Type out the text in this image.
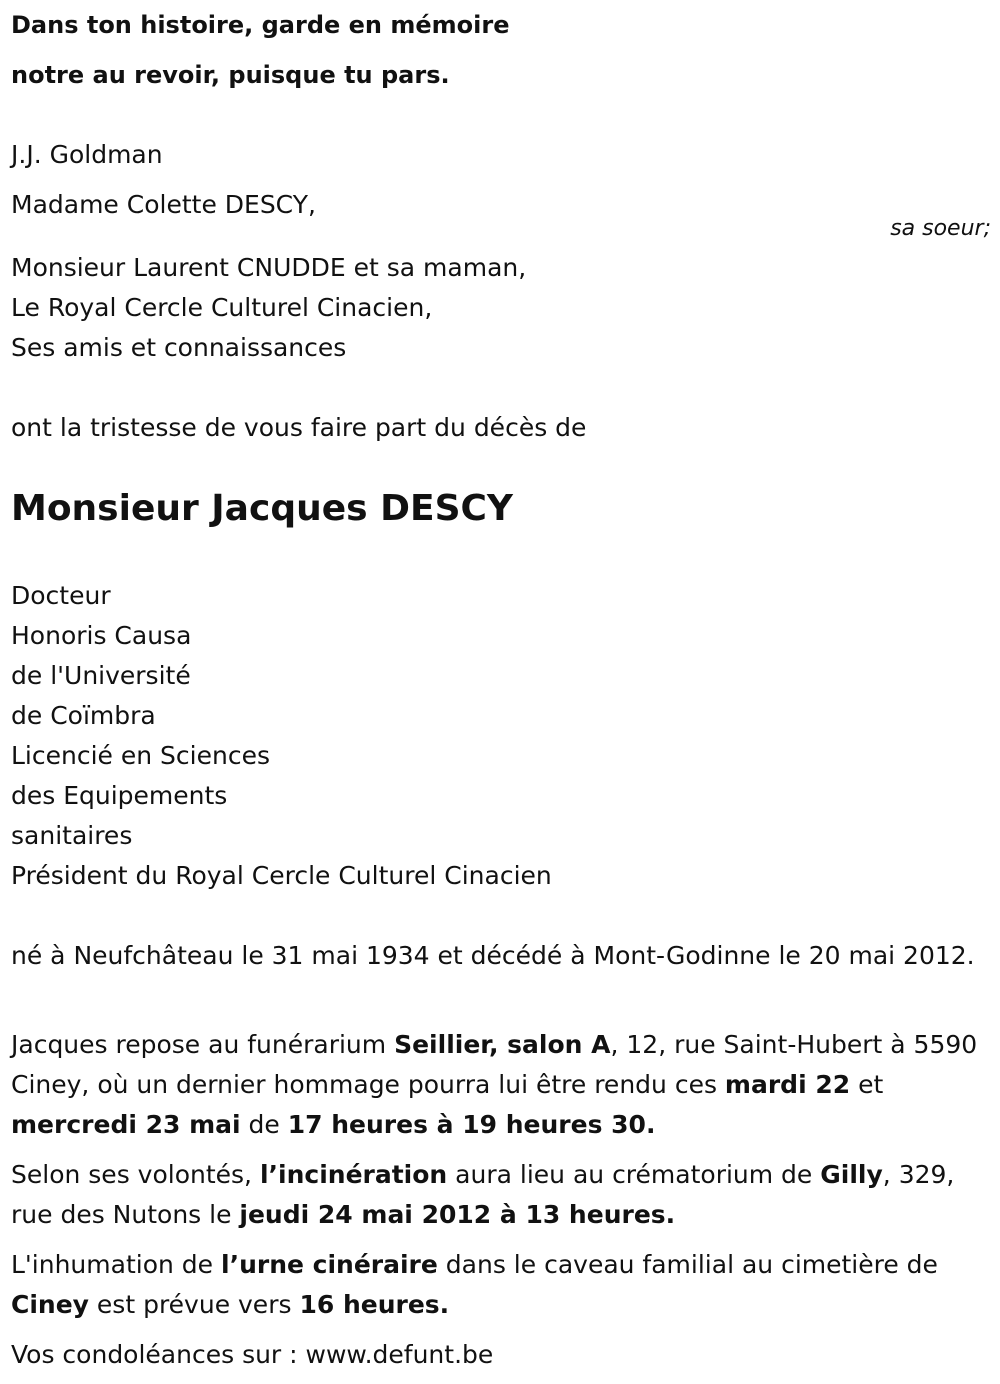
Dans ton histoire, garde en mémoire
notre au revoir, puisque tu pars.
J.J. Goldman
Madame Colette DESCY,
sa soeur;
Monsieur Laurent CNUDDE et sa maman,
Le Royal Cercle Culturel Cinacien,
Ses amis et connaissances
ont la tristesse de vous faire part du décès de
Monsieur Jacques DESCY
Docteur
Honoris Causa
de l'Université
de Coïmbra
Licencié en Sciences
des Equipements
sanitaires
Président du Royal Cercle Culturel Cinacien
né à Neufchâteau le 31 mai 1934 et décédé à Mont-Godinne le 20 mai 2012.
Jacques repose au funérarium Seillier, salon A, 12, rue Saint-Hubert à 5590 Ciney, où un dernier hommage pourra lui être rendu ces mardi 22 et mercredi 23 mai de 17 heures à 19 heures 30.
Selon ses volontés, l’incinération aura lieu au crématorium de Gilly, 329, rue des Nutons le jeudi 24 mai 2012 à 13 heures.
L'inhumation de l’urne cinéraire dans le caveau familial au cimetière de Ciney est prévue vers 16 heures.
Vos condoléances sur : www.defunt.be
